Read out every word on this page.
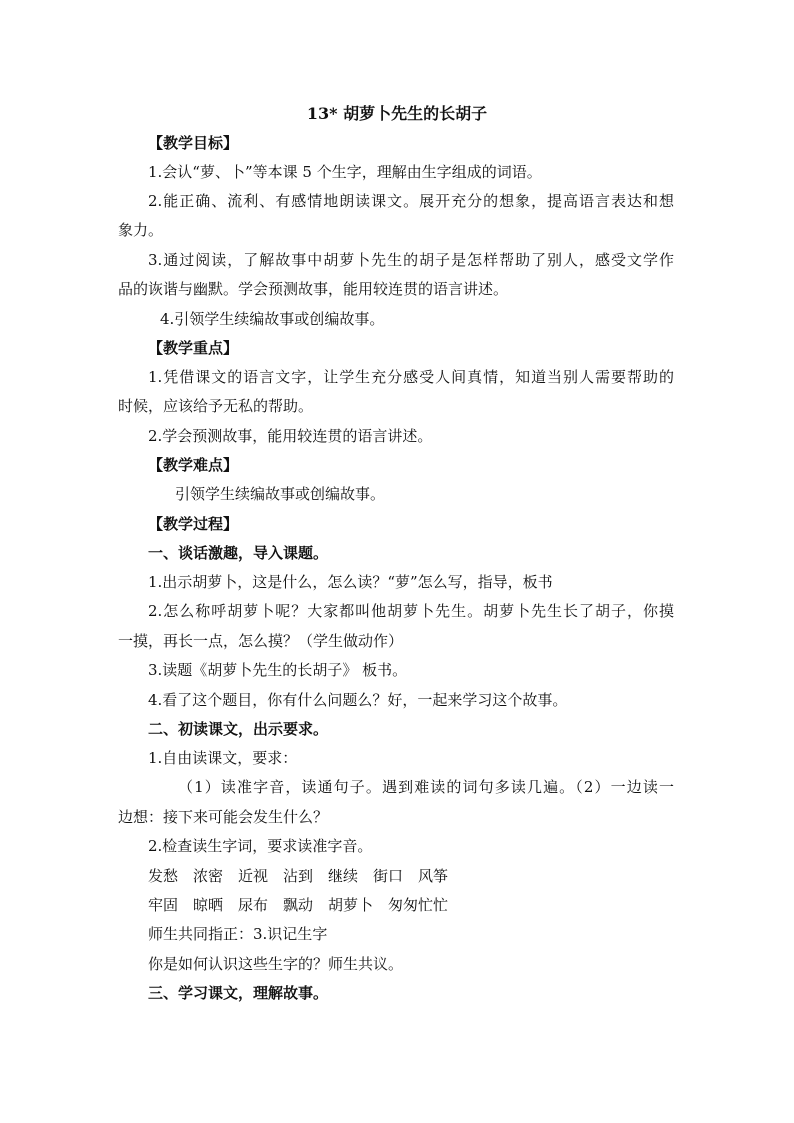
13* 胡萝卜先生的长胡子
【教学目标】
1.会认“萝、卜”等本课 5 个生字，理解由生字组成的词语。
2.能正确、流利、有感情地朗读课文。展开充分的想象，提高语言表达和想
象力。
3.通过阅读，了解故事中胡萝卜先生的胡子是怎样帮助了别人，感受文学作
品的诙谐与幽默。学会预测故事，能用较连贯的语言讲述。
4.引领学生续编故事或创编故事。
【教学重点】
1.凭借课文的语言文字，让学生充分感受人间真情，知道当别人需要帮助的
时候，应该给予无私的帮助。
2.学会预测故事，能用较连贯的语言讲述。
【教学难点】
引领学生续编故事或创编故事。
【教学过程】
一、谈话激趣，导入课题。
1.出示胡萝卜，这是什么，怎么读？“萝”怎么写，指导，板书
2.怎么称呼胡萝卜呢？大家都叫他胡萝卜先生。胡萝卜先生长了胡子，你摸
一摸，再长一点，怎么摸？（学生做动作）
3.读题《胡萝卜先生的长胡子》 板书。
4.看了这个题目，你有什么问题么？好，一起来学习这个故事。
二、初读课文，出示要求。
1.自由读课文，要求：
（1）读准字音，读通句子。遇到难读的词句多读几遍。（2）一边读一
边想：接下来可能会发生什么？
2.检查读生字词，要求读准字音。
发愁　浓密　近视　沾到　继续　街口　风筝
牢固　晾晒　尿布　飘动　胡萝卜　匆匆忙忙
师生共同指正：3.识记生字
你是如何认识这些生字的？师生共议。
三、学习课文，理解故事。
